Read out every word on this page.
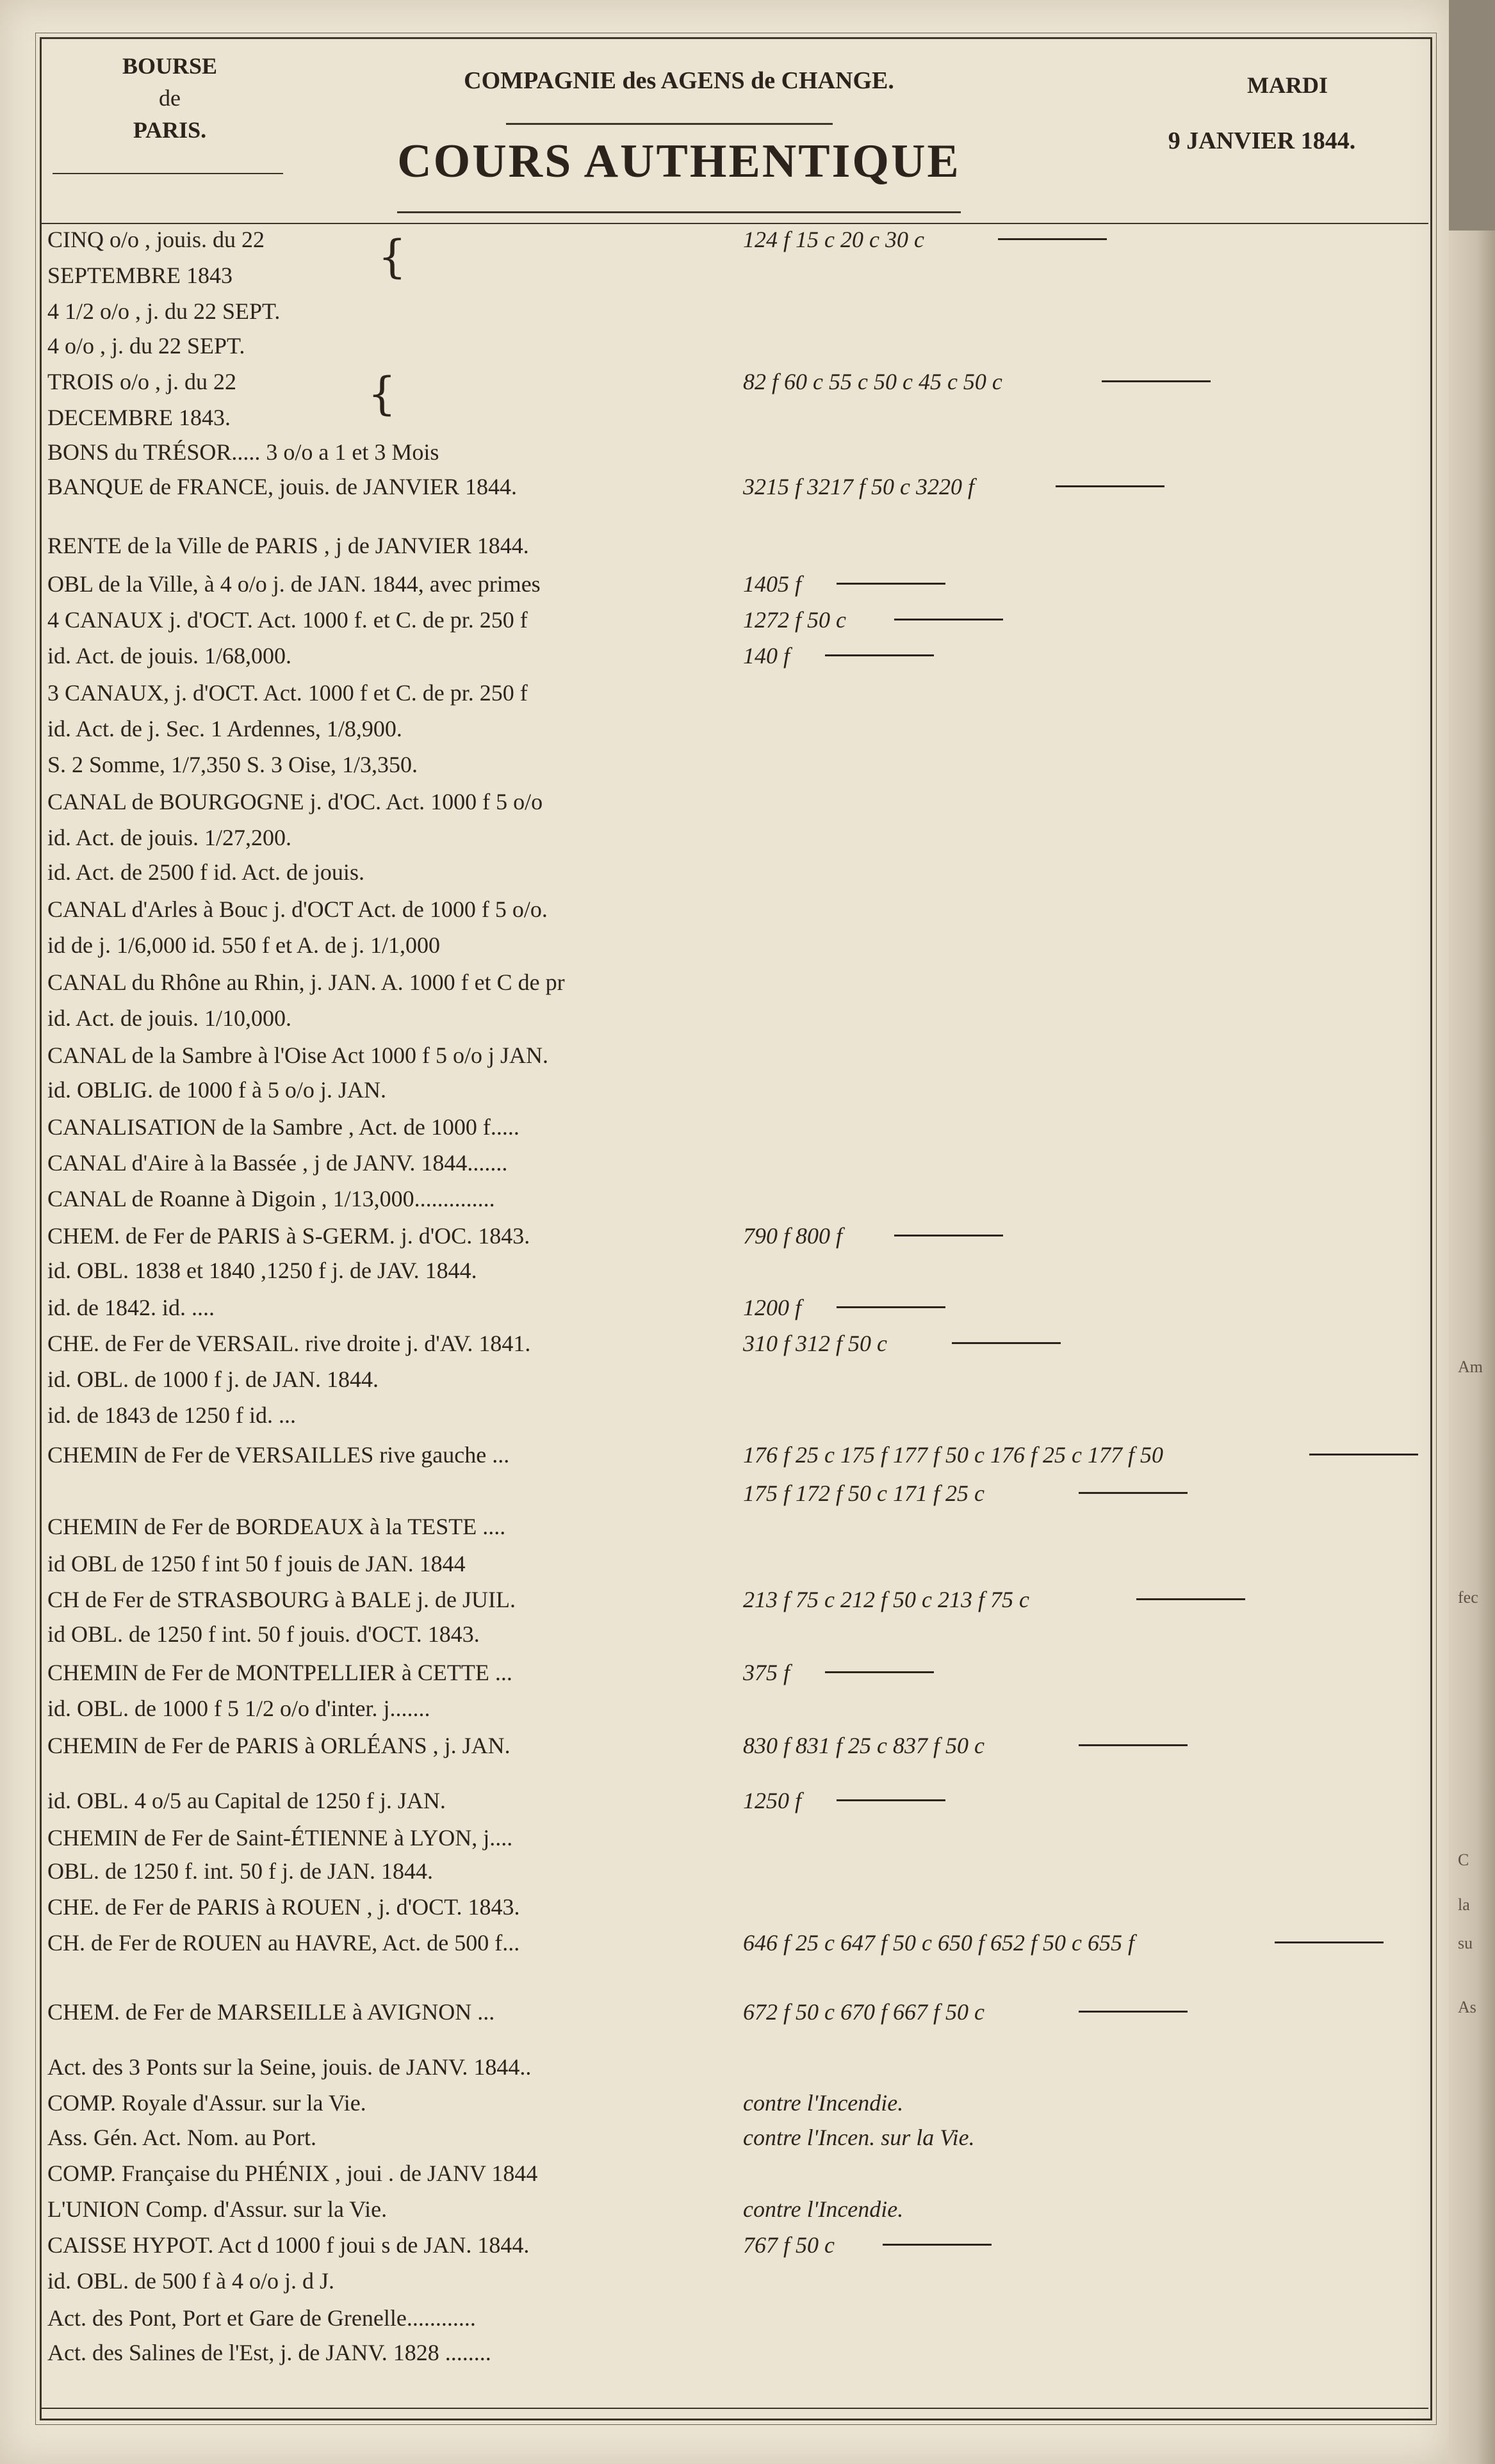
BOURSE
de
PARIS.
COMPAGNIE des AGENS de CHANGE.
COURS AUTHENTIQUE
MARDI
9 JANVIER 1844.
{
{
CINQ o/o , jouis. du 22	124 f 15 c 20 c 30 c
SEPTEMBRE 1843
4 1/2 o/o , j. du 22 SEPT.
4 o/o , j. du 22 SEPT.
TROIS o/o , j. du 22	82 f 60 c 55 c 50 c 45 c 50 c
DECEMBRE 1843.
BONS du TRÉSOR..... 3 o/o a 1 et 3 Mois
BANQUE de FRANCE, jouis. de JANVIER 1844.	3215 f 3217 f 50 c 3220 f
RENTE de la Ville de PARIS , j de JANVIER 1844.
OBL de la Ville, à 4 o/o j. de JAN. 1844, avec primes	1405 f
4 CANAUX j. d'OCT. Act. 1000 f. et C. de pr. 250 f	1272 f 50 c
id. Act. de jouis. 1/68,000.	140 f
3 CANAUX, j. d'OCT. Act. 1000 f et C. de pr. 250 f
id. Act. de j. Sec. 1 Ardennes, 1/8,900.
S. 2 Somme, 1/7,350 S. 3 Oise, 1/3,350.
CANAL de BOURGOGNE j. d'OC. Act. 1000 f 5 o/o
id. Act. de jouis. 1/27,200.
id. Act. de 2500 f id. Act. de jouis.
CANAL d'Arles à Bouc j. d'OCT Act. de 1000 f 5 o/o.
id de j. 1/6,000 id. 550 f et A. de j. 1/1,000
CANAL du Rhône au Rhin, j. JAN. A. 1000 f et C de pr
id. Act. de jouis. 1/10,000.
CANAL de la Sambre à l'Oise Act 1000 f 5 o/o j JAN.
id. OBLIG. de 1000 f à 5 o/o j. JAN.
CANALISATION de la Sambre , Act. de 1000 f.....
CANAL d'Aire à la Bassée , j de JANV. 1844.......
CANAL de Roanne à Digoin , 1/13,000..............
CHEM. de Fer de PARIS à S-GERM. j. d'OC. 1843.	790 f 800 f
id. OBL. 1838 et 1840 ,1250 f j. de JAV. 1844.
id. de 1842. id. ....	1200 f
CHE. de Fer de VERSAIL. rive droite j. d'AV. 1841.	310 f 312 f 50 c
id. OBL. de 1000 f j. de JAN. 1844.
id. de 1843 de 1250 f id. ...
CHEMIN de Fer de VERSAILLES rive gauche ...	176 f 25 c 175 f 177 f 50 c 176 f 25 c 177 f 50
175 f 172 f 50 c 171 f 25 c
CHEMIN de Fer de BORDEAUX à la TESTE ....
id OBL de 1250 f int 50 f jouis de JAN. 1844
CH de Fer de STRASBOURG à BALE j. de JUIL.	213 f 75 c 212 f 50 c 213 f 75 c
id OBL. de 1250 f int. 50 f jouis. d'OCT. 1843.
CHEMIN de Fer de MONTPELLIER à CETTE ...	375 f
id. OBL. de 1000 f 5 1/2 o/o d'inter. j.......
CHEMIN de Fer de PARIS à ORLÉANS , j. JAN.	830 f 831 f 25 c 837 f 50 c
id. OBL. 4 o/5 au Capital de 1250 f j. JAN.	1250 f
CHEMIN de Fer de Saint-ÉTIENNE à LYON, j....
OBL. de 1250 f. int. 50 f j. de JAN. 1844.
CHE. de Fer de PARIS à ROUEN , j. d'OCT. 1843.
CH. de Fer de ROUEN au HAVRE, Act. de 500 f...	646 f 25 c 647 f 50 c 650 f 652 f 50 c 655 f
CHEM. de Fer de MARSEILLE à AVIGNON ...	672 f 50 c 670 f 667 f 50 c
Act. des 3 Ponts sur la Seine, jouis. de JANV. 1844..
COMP. Royale d'Assur. sur la Vie.	contre l'Incendie.
Ass. Gén. Act. Nom. au Port.	contre l'Incen. sur la Vie.
COMP. Française du PHÉNIX , joui . de JANV 1844
L'UNION Comp. d'Assur. sur la Vie.	contre l'Incendie.
CAISSE HYPOT. Act d 1000 f joui s de JAN. 1844.	767 f 50 c
id. OBL. de 500 f à 4 o/o j. d J.
Act. des Pont, Port et Gare de Grenelle............
Act. des Salines de l'Est, j. de JANV. 1828 ........
Am
fec
C
la
su
As
